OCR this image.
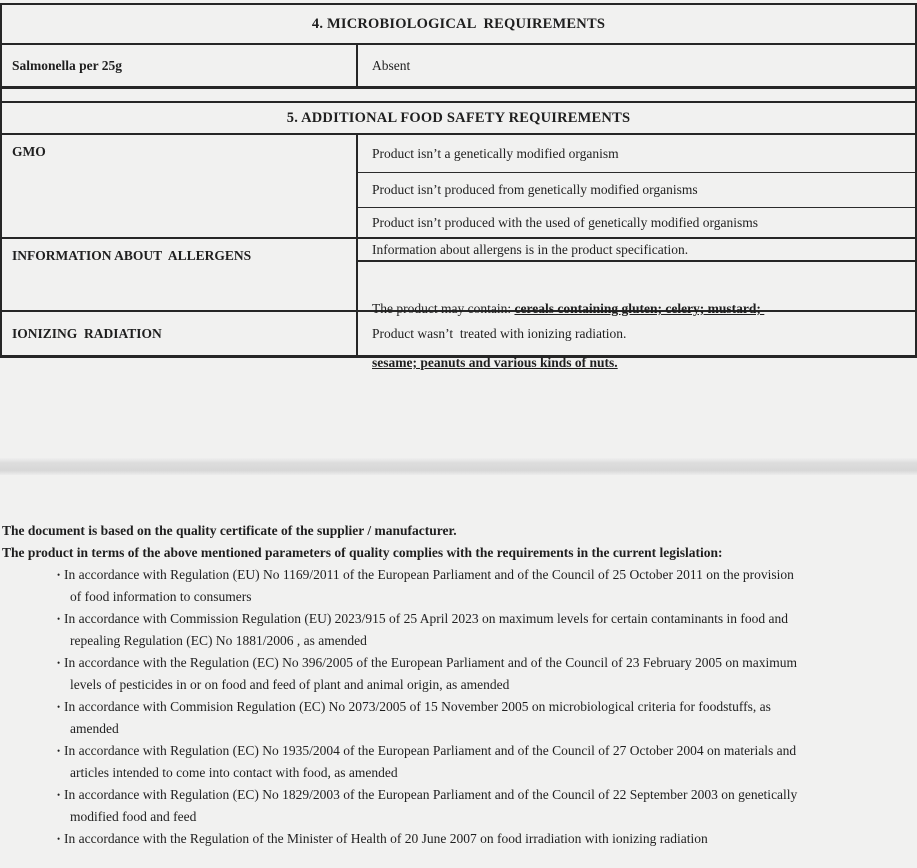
4. MICROBIOLOGICAL  REQUIREMENTS
Salmonella per 25g	Absent
5. ADDITIONAL FOOD SAFETY REQUIREMENTS
GMO	Product isn’t a genetically modified organism
Product isn’t produced from genetically modified organisms
Product isn’t produced with the used of genetically modified organisms
INFORMATION ABOUT  ALLERGENS	Information about allergens is in the product specification.

The product may contain: cereals containing gluten; celery; mustard;

sesame; peanuts and various kinds of nuts.

IONIZING  RADIATION	Product wasn’t  treated with ionizing radiation.
The document is based on the quality certificate of the supplier / manufacturer.
The product in terms of the above mentioned parameters of quality complies with the requirements in the current legislation:
• In accordance with Regulation (EU) No 1169/2011 of the European Parliament and of the Council of 25 October 2011 on the provision
of food information to consumers
• In accordance with Commission Regulation (EU) 2023/915 of 25 April 2023 on maximum levels for certain contaminants in food and
repealing Regulation (EC) No 1881/2006 , as amended
• In accordance with the Regulation (EC) No 396/2005 of the European Parliament and of the Council of 23 February 2005 on maximum
levels of pesticides in or on food and feed of plant and animal origin, as amended
• In accordance with Commision Regulation (EC) No 2073/2005 of 15 November 2005 on microbiological criteria for foodstuffs, as
amended
• In accordance with Regulation (EC) No 1935/2004 of the European Parliament and of the Council of 27 October 2004 on materials and
articles intended to come into contact with food, as amended
• In accordance with Regulation (EC) No 1829/2003 of the European Parliament and of the Council of 22 September 2003 on genetically
modified food and feed
• In accordance with the Regulation of the Minister of Health of 20 June 2007 on food irradiation with ionizing radiation
